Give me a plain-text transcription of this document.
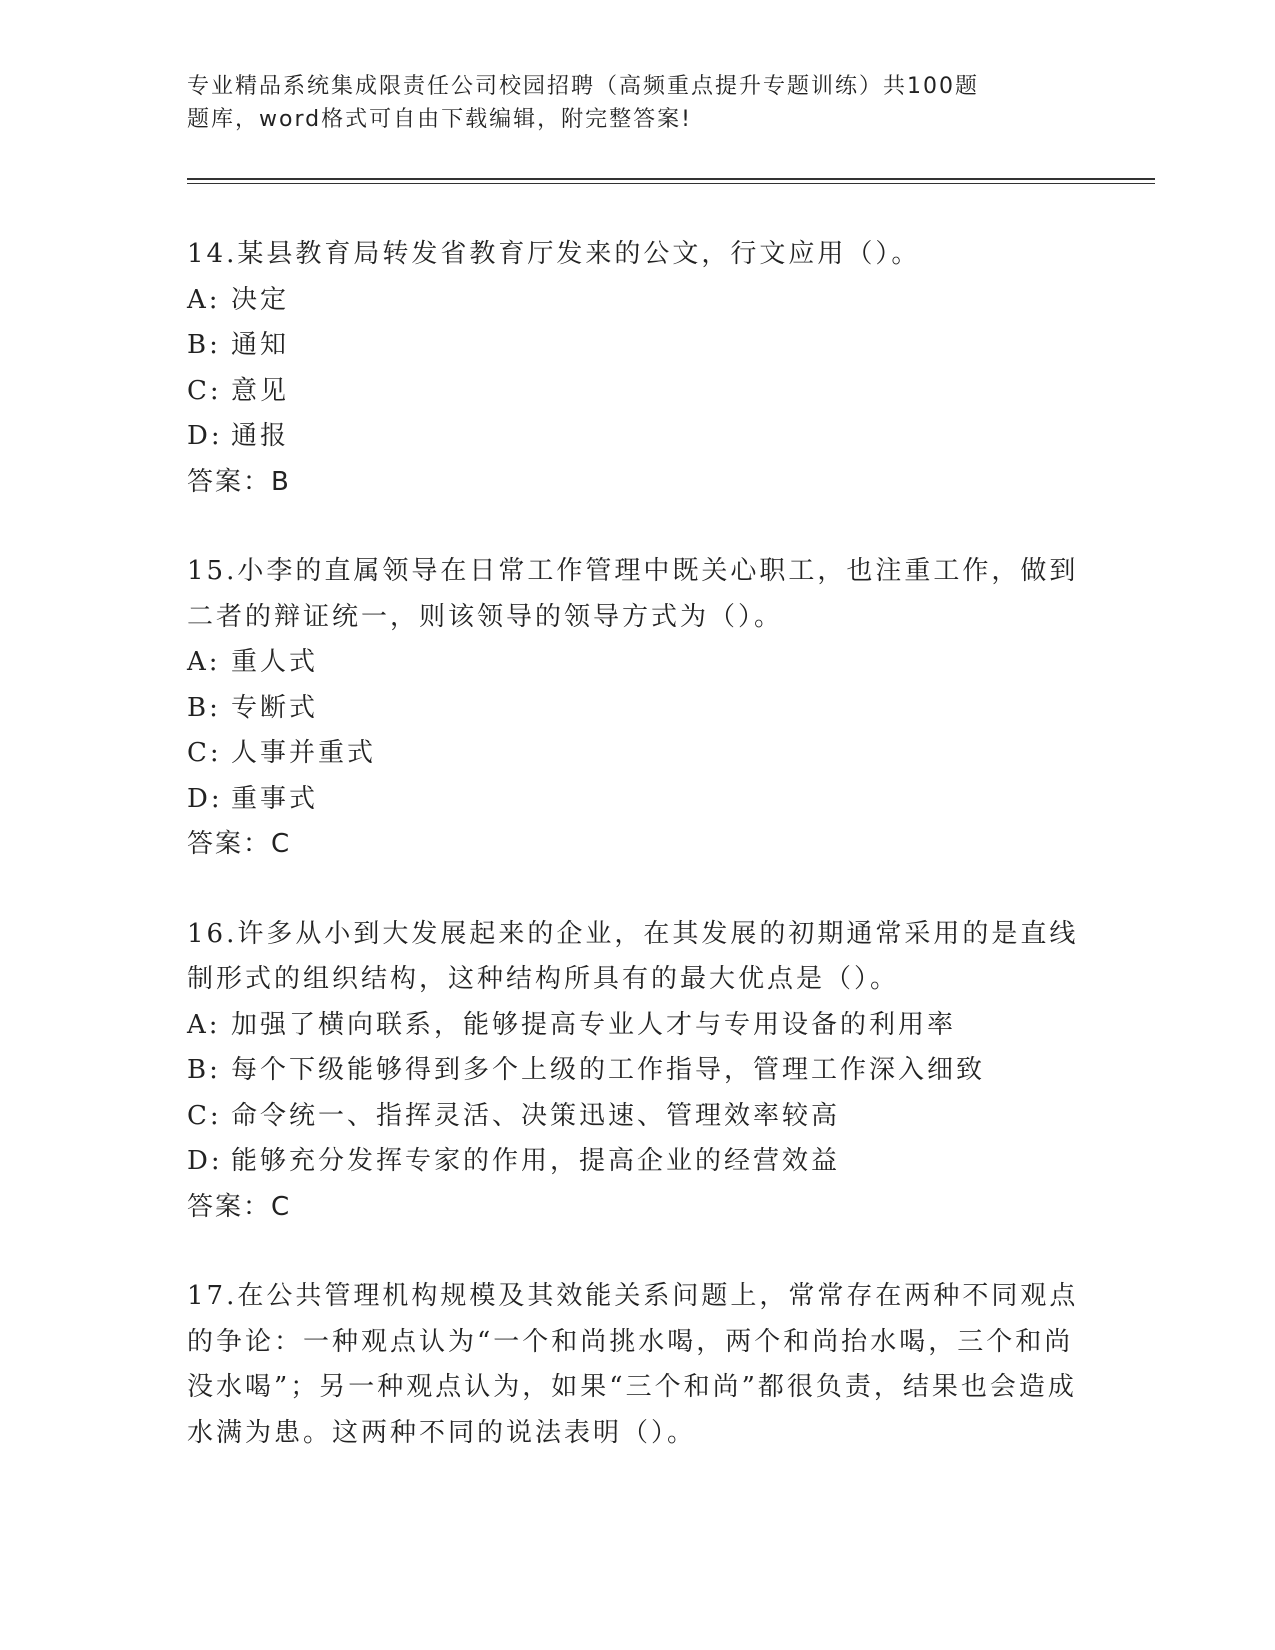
专业精品系统集成限责任公司校园招聘（高频重点提升专题训练）共100题
题库，word格式可自由下载编辑，附完整答案!

14.某县教育局转发省教育厅发来的公文，行文应用（）。

A: 决定

B: 通知

C: 意见

D: 通报

答案：B

15.小李的直属领导在日常工作管理中既关心职工，也注重工作，做到二者的辩证统一，则该领导的领导方式为（）。

A: 重人式

B: 专断式

C: 人事并重式

D: 重事式

答案：C

16.许多从小到大发展起来的企业，在其发展的初期通常采用的是直线制形式的组织结构，这种结构所具有的最大优点是（）。

A: 加强了横向联系，能够提高专业人才与专用设备的利用率

B: 每个下级能够得到多个上级的工作指导，管理工作深入细致

C: 命令统一、指挥灵活、决策迅速、管理效率较高

D: 能够充分发挥专家的作用，提高企业的经营效益

答案：C

17.在公共管理机构规模及其效能关系问题上，常常存在两种不同观点的争论：一种观点认为“一个和尚挑水喝，两个和尚抬水喝，三个和尚没水喝”；另一种观点认为，如果“三个和尚”都很负责，结果也会造成水满为患。这两种不同的说法表明（）。
